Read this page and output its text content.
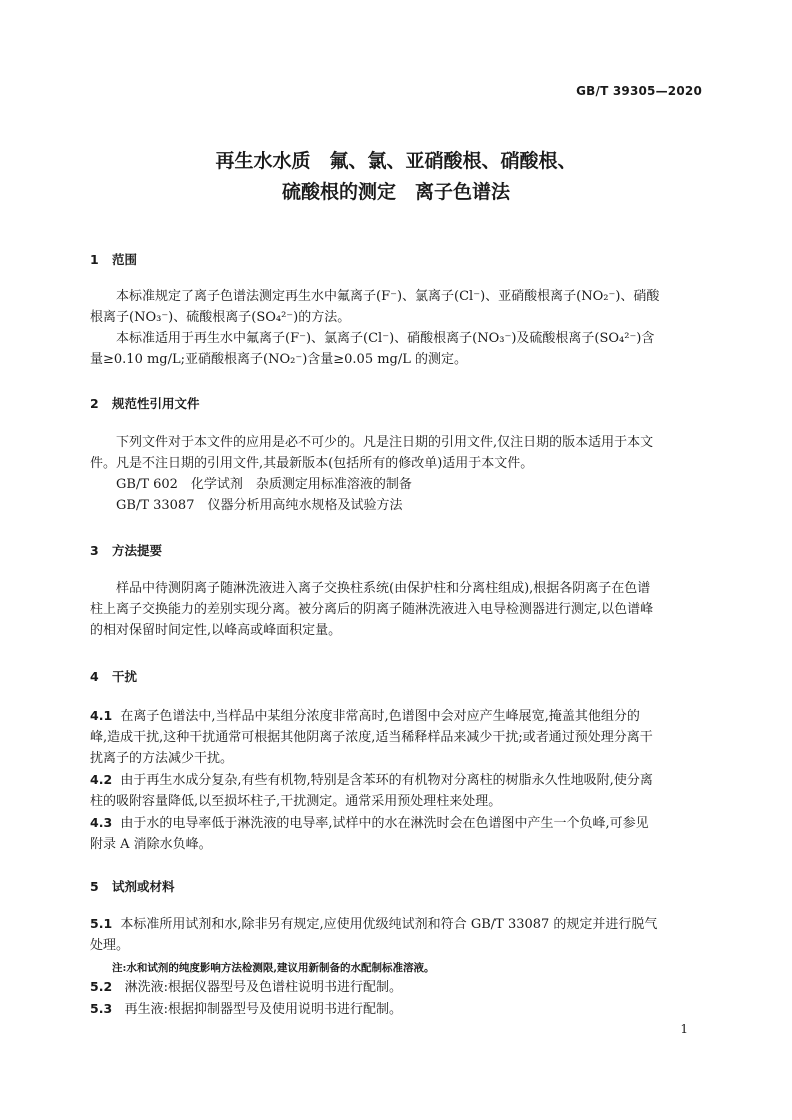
GB/T 39305—2020
再生水水质　氟、氯、亚硝酸根、硝酸根、
硫酸根的测定　离子色谱法
1 范围
本标准规定了离子色谱法测定再生水中氟离子(F⁻)、氯离子(Cl⁻)、亚硝酸根离子(NO₂⁻)、硝酸
根离子(NO₃⁻)、硫酸根离子(SO₄²⁻)的方法。
本标准适用于再生水中氟离子(F⁻)、氯离子(Cl⁻)、硝酸根离子(NO₃⁻)及硫酸根离子(SO₄²⁻)含
量≥0.10 mg/L;亚硝酸根离子(NO₂⁻)含量≥0.05 mg/L 的测定。
2 规范性引用文件
下列文件对于本文件的应用是必不可少的。凡是注日期的引用文件,仅注日期的版本适用于本文
件。凡是不注日期的引用文件,其最新版本(包括所有的修改单)适用于本文件。
GB/T 602　化学试剂　杂质测定用标准溶液的制备
GB/T 33087　仪器分析用高纯水规格及试验方法
3 方法提要
样品中待测阴离子随淋洗液进入离子交换柱系统(由保护柱和分离柱组成),根据各阴离子在色谱
柱上离子交换能力的差别实现分离。被分离后的阴离子随淋洗液进入电导检测器进行测定,以色谱峰
的相对保留时间定性,以峰高或峰面积定量。
4 干扰
4.1 在离子色谱法中,当样品中某组分浓度非常高时,色谱图中会对应产生峰展宽,掩盖其他组分的
峰,造成干扰,这种干扰通常可根据其他阴离子浓度,适当稀释样品来减少干扰;或者通过预处理分离干
扰离子的方法减少干扰。
4.2 由于再生水成分复杂,有些有机物,特别是含苯环的有机物对分离柱的树脂永久性地吸附,使分离
柱的吸附容量降低,以至损坏柱子,干扰测定。通常采用预处理柱来处理。
4.3 由于水的电导率低于淋洗液的电导率,试样中的水在淋洗时会在色谱图中产生一个负峰,可参见
附录 A 消除水负峰。
5 试剂或材料
5.1 本标准所用试剂和水,除非另有规定,应使用优级纯试剂和符合 GB/T 33087 的规定并进行脱气
处理。
注:水和试剂的纯度影响方法检测限,建议用新制备的水配制标准溶液。
5.2 淋洗液:根据仪器型号及色谱柱说明书进行配制。
5.3 再生液:根据抑制器型号及使用说明书进行配制。
1
